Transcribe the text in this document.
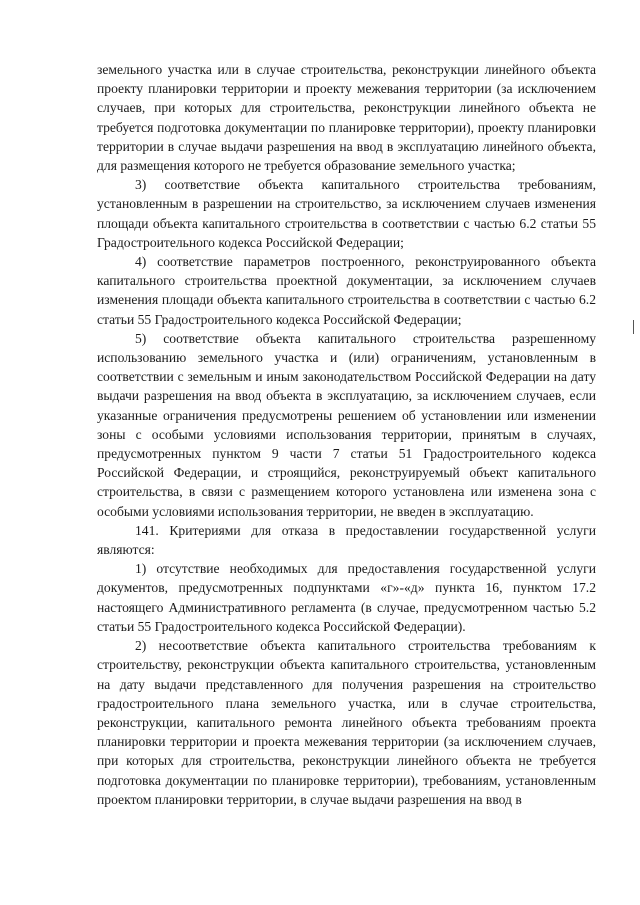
земельного участка или в случае строительства, реконструкции линейного объекта проекту планировки территории и проекту межевания территории (за исключением случаев, при которых для строительства, реконструкции линейного объекта не требуется подготовка документации по планировке территории), проекту планировки территории в случае выдачи разрешения на ввод в эксплуатацию линейного объекта, для размещения которого не требуется образование земельного участка;

3) соответствие объекта капитального строительства требованиям, установленным в разрешении на строительство, за исключением случаев изменения площади объекта капитального строительства в соответствии с частью 6.2 статьи 55 Градостроительного кодекса Российской Федерации;

4) соответствие параметров построенного, реконструированного объекта капитального строительства проектной документации, за исключением случаев изменения площади объекта капитального строительства в соответствии с частью 6.2 статьи 55 Градостроительного кодекса Российской Федерации;

5) соответствие объекта капитального строительства разрешенному использованию земельного участка и (или) ограничениям, установленным в соответствии с земельным и иным законодательством Российской Федерации на дату выдачи разрешения на ввод объекта в эксплуатацию, за исключением случаев, если указанные ограничения предусмотрены решением об установлении или изменении зоны с особыми условиями использования территории, принятым в случаях, предусмотренных пунктом 9 части 7 статьи 51 Градостроительного кодекса Российской Федерации, и строящийся, реконструируемый объект капитального строительства, в связи с размещением которого установлена или изменена зона с особыми условиями использования территории, не введен в эксплуатацию.

141. Критериями для отказа в предоставлении государственной услуги являются:

1) отсутствие необходимых для предоставления государственной услуги документов, предусмотренных подпунктами «г»-«д» пункта 16, пунктом 17.2 настоящего Административного регламента (в случае, предусмотренном частью 5.2 статьи 55 Градостроительного кодекса Российской Федерации).

2) несоответствие объекта капитального строительства требованиям к строительству, реконструкции объекта капитального строительства, установленным на дату выдачи представленного для получения разрешения на строительство градостроительного плана земельного участка, или в случае строительства, реконструкции, капитального ремонта линейного объекта требованиям проекта планировки территории и проекта межевания территории (за исключением случаев, при которых для строительства, реконструкции линейного объекта не требуется подготовка документации по планировке территории), требованиям, установленным проектом планировки территории, в случае выдачи разрешения на ввод в
